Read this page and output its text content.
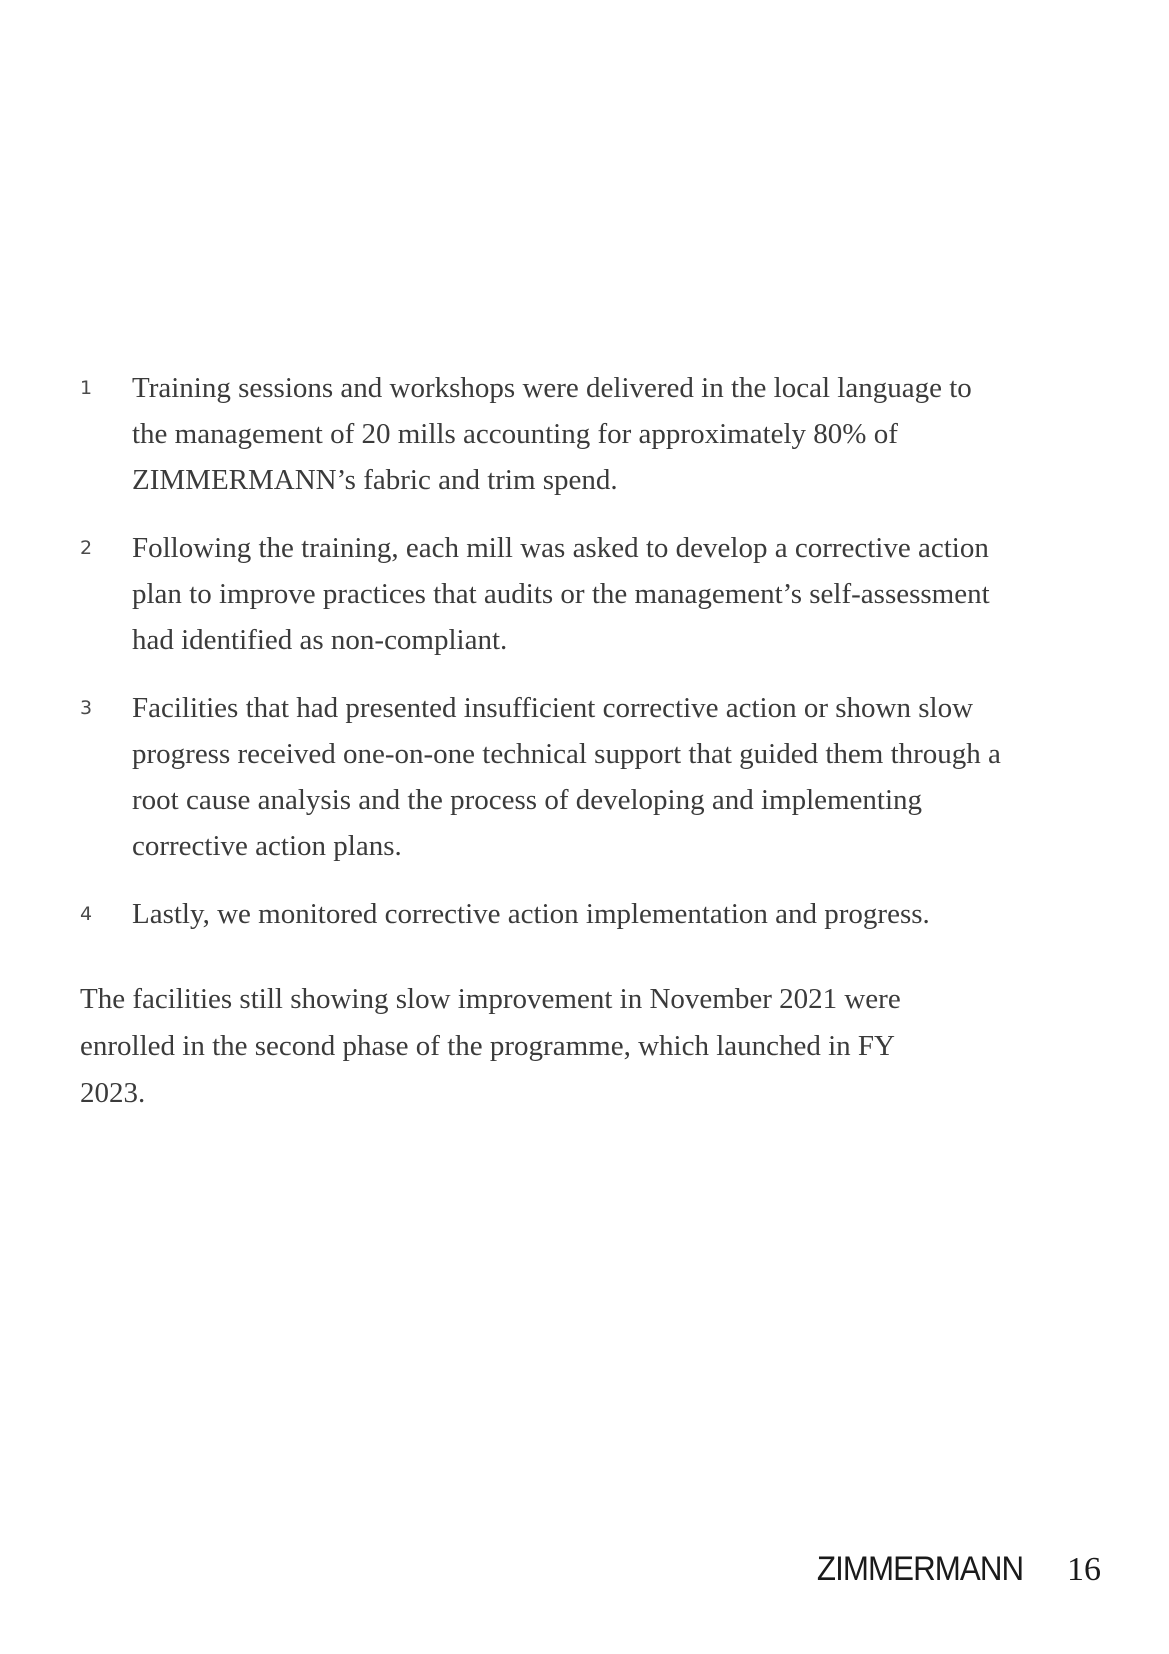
1	Training sessions and workshops were delivered in the local language to the management of 20 mills accounting for approximately 80% of ZIMMERMANN’s fabric and trim spend.
2	Following the training, each mill was asked to develop a corrective action plan to improve practices that audits or the management’s self-assessment had identified as non-compliant.
3	Facilities that had presented insufficient corrective action or shown slow progress received one-on-one technical support that guided them through a root cause analysis and the process of developing and implementing corrective action plans.
4	Lastly, we monitored corrective action implementation and progress.

The facilities still showing slow improvement in November 2021 were enrolled in the second phase of the programme, which launched in FY 2023.

ZIMMERMANN 16
